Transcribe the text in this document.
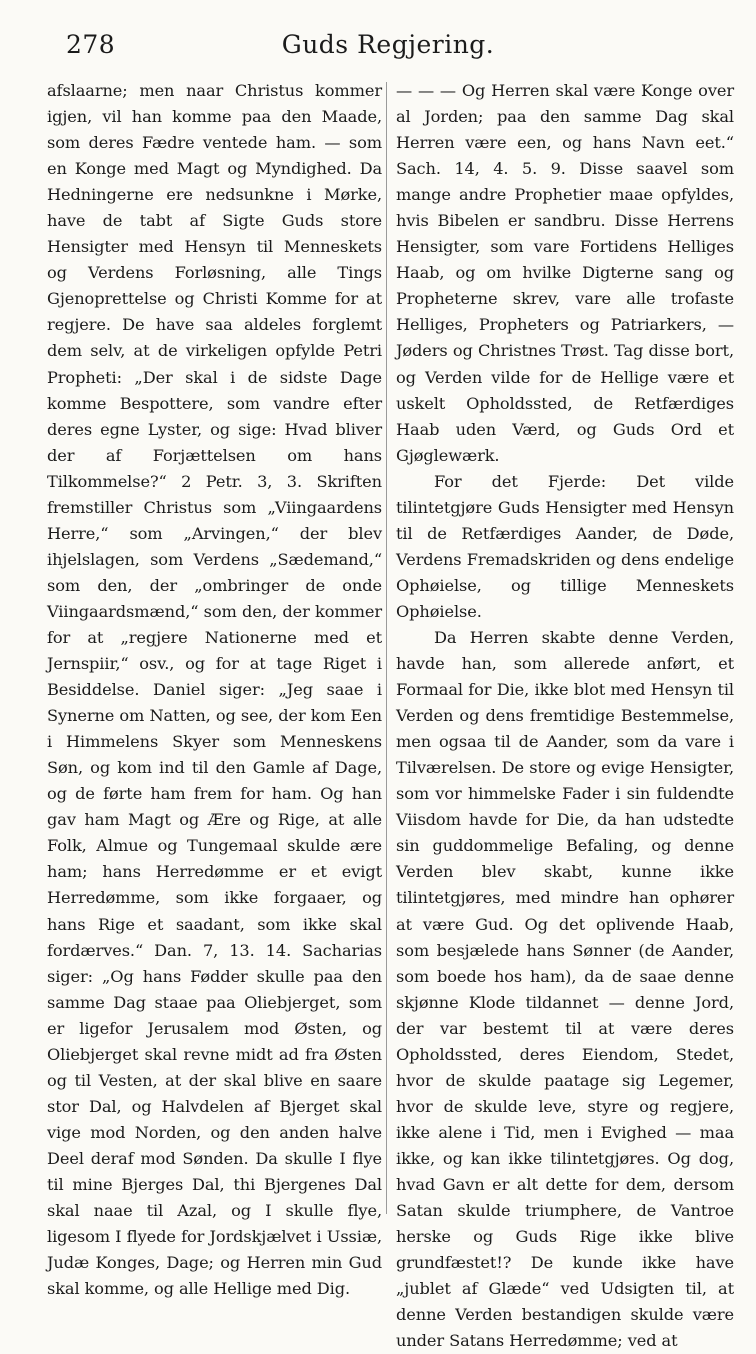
278	Guds Regjering.

afslaarne; men naar Christus kommer igjen, vil han komme paa den Maade, som deres Fædre ventede ham. — som en Konge med Magt og Myndighed. Da Hedningerne ere nedsunkne i Mørke, have de tabt af Sigte Guds store Hensigter med Hensyn til Menneskets og Verdens Forløsning, alle Tings Gjenoprettelse og Christi Komme for at regjere. De have saa aldeles forglemt dem selv, at de virkeligen opfylde Petri Propheti: „Der skal i de sidste Dage komme Bespottere, som vandre efter deres egne Lyster, og sige: Hvad bliver der af Forjættelsen om hans Tilkommelse?“ 2 Petr. 3, 3. Skriften fremstiller Christus som „Viingaardens Herre,“ som „Arvingen,“ der blev ihjelslagen, som Verdens „Sædemand,“ som den, der „ombringer de onde Viingaardsmænd,“ som den, der kommer for at „regjere Nationerne med et Jernspiir,“ osv., og for at tage Riget i Besiddelse. Daniel siger: „Jeg saae i Synerne om Natten, og see, der kom Een i Himmelens Skyer som Menneskens Søn, og kom ind til den Gamle af Dage, og de førte ham frem for ham. Og han gav ham Magt og Ære og Rige, at alle Folk, Almue og Tungemaal skulde ære ham; hans Herredømme er et evigt Herredømme, som ikke forgaaer, og hans Rige et saadant, som ikke skal fordærves.“ Dan. 7, 13. 14. Sacharias siger: „Og hans Fødder skulle paa den samme Dag staae paa Oliebjerget, som er ligefor Jerusalem mod Østen, og Oliebjerget skal revne midt ad fra Østen og til Vesten, at der skal blive en saare stor Dal, og Halvdelen af Bjerget skal vige mod Norden, og den anden halve Deel deraf mod Sønden. Da skulle I flye til mine Bjerges Dal, thi Bjergenes Dal skal naae til Azal, og I skulle flye, ligesom I flyede for Jordskjælvet i Ussiæ, Judæ Konges, Dage; og Herren min Gud skal komme, og alle Hellige med Dig.

— — — Og Herren skal være Konge over al Jorden; paa den samme Dag skal Herren være een, og hans Navn eet.“ Sach. 14, 4. 5. 9. Disse saavel som mange andre Prophetier maae opfyldes, hvis Bibelen er sandbru. Disse Herrens Hensigter, som vare Fortidens Helliges Haab, og om hvilke Digterne sang og Propheterne skrev, vare alle trofaste Helliges, Propheters og Patriarkers, — Jøders og Christnes Trøst. Tag disse bort, og Verden vilde for de Hellige være et uskelt Opholdssted, de Retfærdiges Haab uden Værd, og Guds Ord et Gjøglewærk.

For det Fjerde: Det vilde tilintetgjøre Guds Hensigter med Hensyn til de Retfærdiges Aander, de Døde, Verdens Fremadskriden og dens endelige Ophøielse, og tillige Menneskets Ophøielse.

Da Herren skabte denne Verden, havde han, som allerede anført, et Formaal for Die, ikke blot med Hensyn til Verden og dens fremtidige Bestemmelse, men ogsaa til de Aander, som da vare i Tilværelsen. De store og evige Hensigter, som vor himmelske Fader i sin fuldendte Viisdom havde for Die, da han udstedte sin guddommelige Befaling, og denne Verden blev skabt, kunne ikke tilintetgjøres, med mindre han ophører at være Gud. Og det oplivende Haab, som besjælede hans Sønner (de Aander, som boede hos ham), da de saae denne skjønne Klode tildannet — denne Jord, der var bestemt til at være deres Opholdssted, deres Eiendom, Stedet, hvor de skulde paatage sig Legemer, hvor de skulde leve, styre og regjere, ikke alene i Tid, men i Evighed — maa ikke, og kan ikke tilintetgjøres. Og dog, hvad Gavn er alt dette for dem, dersom Satan skulde triumphere, de Vantroe herske og Guds Rige ikke blive grundfæstet!? De kunde ikke have „jublet af Glæde“ ved Udsigten til, at denne Verden bestandigen skulde være under Satans Herredømme; ved at
